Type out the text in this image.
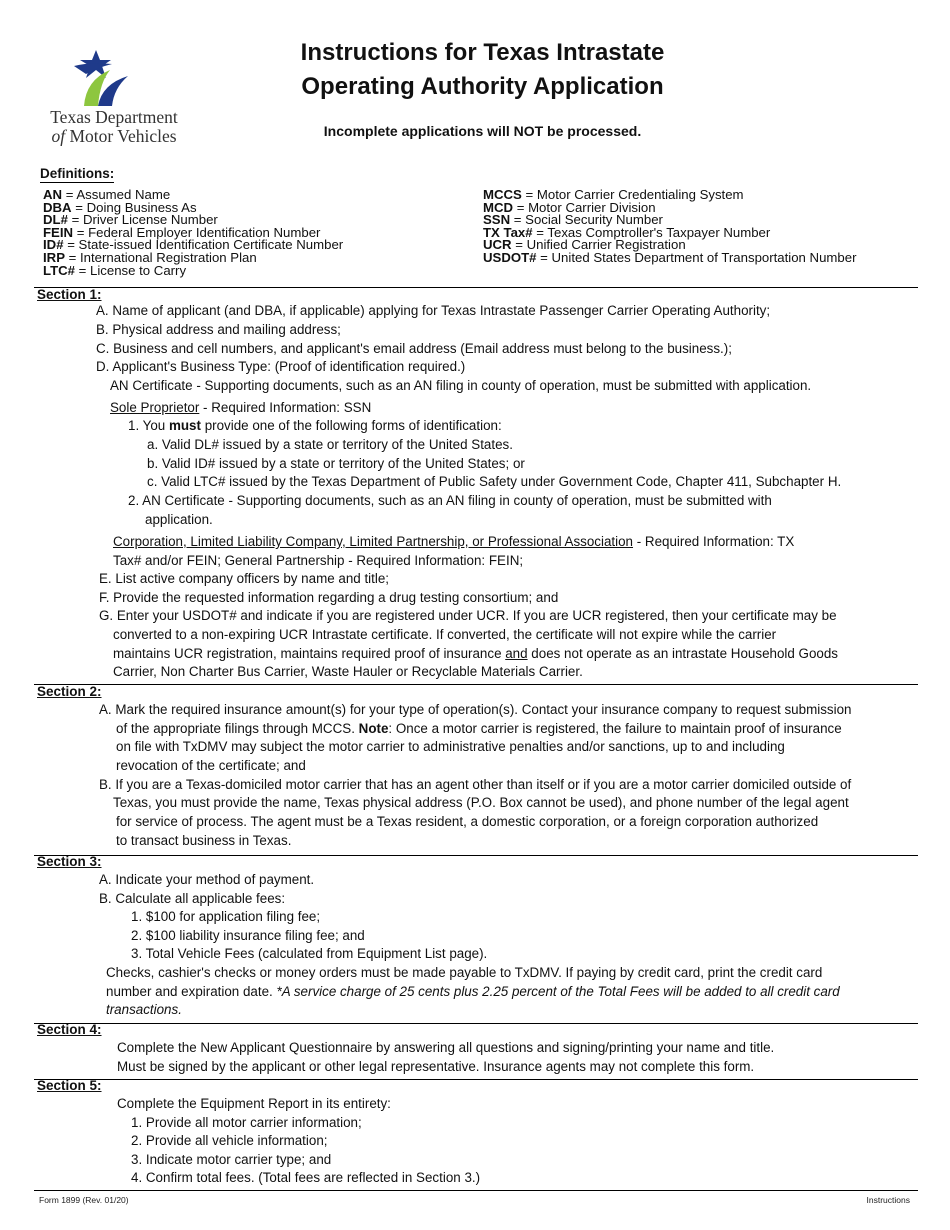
Texas Department
of Motor Vehicles
Instructions for Texas Intrastate
Operating Authority Application
Incomplete applications will NOT be processed.
Definitions:
AN = Assumed Name
DBA = Doing Business As
DL# = Driver License Number
FEIN = Federal Employer Identification Number
ID# = State-issued Identification Certificate Number
IRP = International Registration Plan
LTC# = License to Carry
MCCS = Motor Carrier Credentialing System
MCD = Motor Carrier Division
SSN = Social Security Number
TX Tax# = Texas Comptroller's Taxpayer Number
UCR = Unified Carrier Registration
USDOT# = United States Department of Transportation Number
Section 1:
A. Name of applicant (and DBA, if applicable) applying for Texas Intrastate Passenger Carrier Operating Authority;
B. Physical address and mailing address;
C. Business and cell numbers, and applicant's email address (Email address must belong to the business.);
D. Applicant's Business Type: (Proof of identification required.)
AN Certificate - Supporting documents, such as an AN filing in county of operation, must be submitted with application.
Sole Proprietor - Required Information: SSN
1. You must provide one of the following forms of identification:
a. Valid DL# issued by a state or territory of the United States.
b. Valid ID# issued by a state or territory of the United States; or
c. Valid LTC# issued by the Texas Department of Public Safety under Government Code, Chapter 411, Subchapter H.
2. AN Certificate - Supporting documents, such as an AN filing in county of operation, must be submitted with
application.
Corporation, Limited Liability Company, Limited Partnership, or Professional Association - Required Information: TX
Tax# and/or FEIN; General Partnership - Required Information: FEIN;
E. List active company officers by name and title;
F. Provide the requested information regarding a drug testing consortium; and
G. Enter your USDOT# and indicate if you are registered under UCR. If you are UCR registered, then your certificate may be
converted to a non-expiring UCR Intrastate certificate. If converted, the certificate will not expire while the carrier
maintains UCR registration, maintains required proof of insurance and does not operate as an intrastate Household Goods
Carrier, Non Charter Bus Carrier, Waste Hauler or Recyclable Materials Carrier.
Section 2:
A. Mark the required insurance amount(s) for your type of operation(s). Contact your insurance company to request submission
of the appropriate filings through MCCS. Note: Once a motor carrier is registered, the failure to maintain proof of insurance
on file with TxDMV may subject the motor carrier to administrative penalties and/or sanctions, up to and including
revocation of the certificate; and
B. If you are a Texas-domiciled motor carrier that has an agent other than itself or if you are a motor carrier domiciled outside of
Texas, you must provide the name, Texas physical address (P.O. Box cannot be used), and phone number of the legal agent
for service of process. The agent must be a Texas resident, a domestic corporation, or a foreign corporation authorized
to transact business in Texas.
Section 3:
A. Indicate your method of payment.
B. Calculate all applicable fees:
1. $100 for application filing fee;
2. $100 liability insurance filing fee; and
3. Total Vehicle Fees (calculated from Equipment List page).
Checks, cashier's checks or money orders must be made payable to TxDMV. If paying by credit card, print the credit card
number and expiration date. *A service charge of 25 cents plus 2.25 percent of the Total Fees will be added to all credit card
transactions.
Section 4:
Complete the New Applicant Questionnaire by answering all questions and signing/printing your name and title.
Must be signed by the applicant or other legal representative. Insurance agents may not complete this form.
Section 5:
Complete the Equipment Report in its entirety:
1. Provide all motor carrier information;
2. Provide all vehicle information;
3. Indicate motor carrier type; and
4. Confirm total fees. (Total fees are reflected in Section 3.)
Form 1899 (Rev. 01/20)	Instructions
